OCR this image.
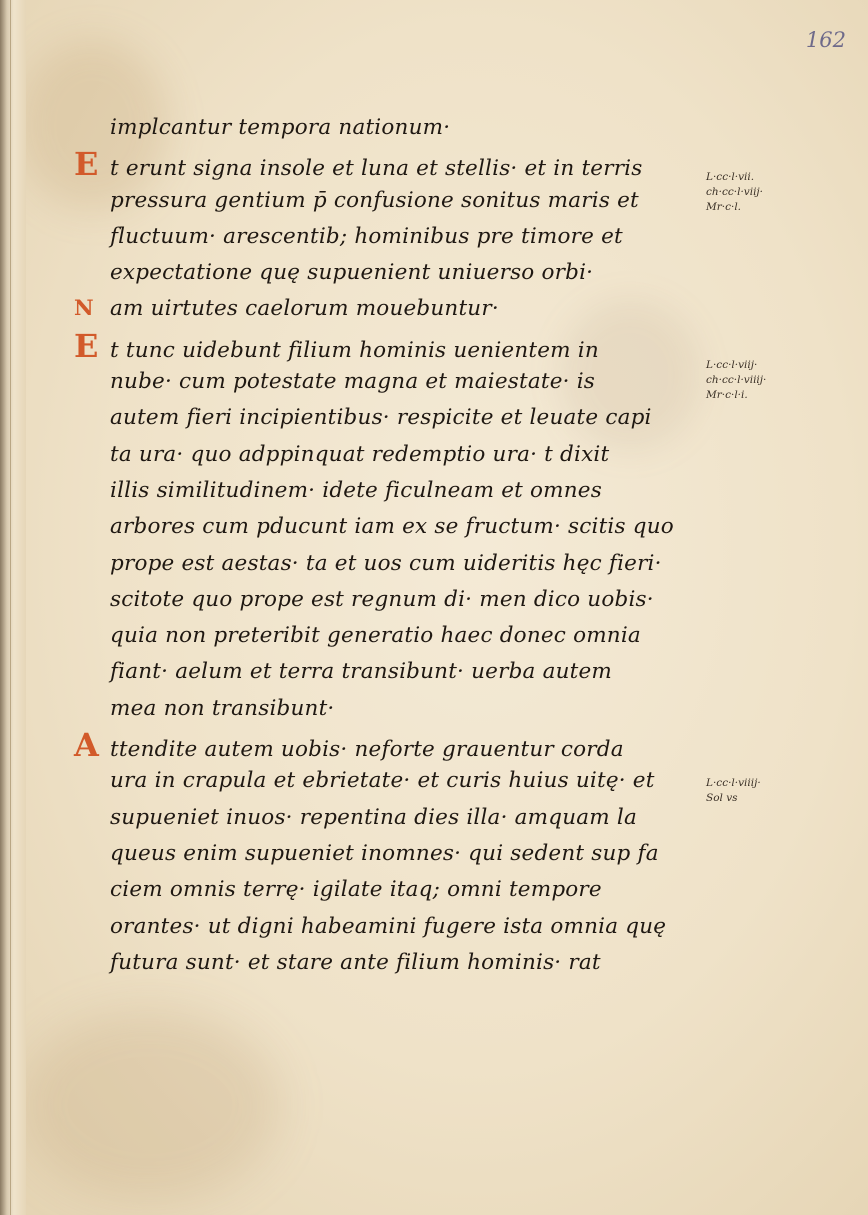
162
implcantur tempora nationum·
E t erunt signa insole et luna et stellis· et in terris
pressura gentium p̄ confusione sonitus maris et
fluctuum· arescentib; hominibus pre timore et
expectatione quę supuenient uniuerso orbi·
N am uirtutes caelorum mouebuntur·
E t tunc uidebunt filium hominis uenientem in
nube· cum potestate magna et maiestate· is
autem fieri incipientibus· respicite et leuate capi
ta ura· quo adppinquat redemptio ura· t dixit
illis similitudinem· idete ficulneam et omnes
arbores cum pducunt iam ex se fructum· scitis quo
prope est aestas· ta et uos cum uideritis hęc fieri·
scitote quo prope est regnum di· men dico uobis·
quia non preteribit generatio haec donec omnia
fiant· aelum et terra transibunt· uerba autem
mea non transibunt·
A ttendite autem uobis· neforte grauentur corda
ura in crapula et ebrietate· et curis huius uitę· et
supueniet inuos· repentina dies illa· amquam la
queus enim supueniet inomnes· qui sedent sup fa
ciem omnis terrę· igilate itaq; omni tempore
orantes· ut digni habeamini fugere ista omnia quę
futura sunt· et stare ante filium hominis· rat
L·cc·l·vii.
ch·cc·l·viij·
Mr·c·l.
L·cc·l·viij·
ch·cc·l·viiij·
Mr·c·l·i.
L·cc·l·viiij·
Sol vs
